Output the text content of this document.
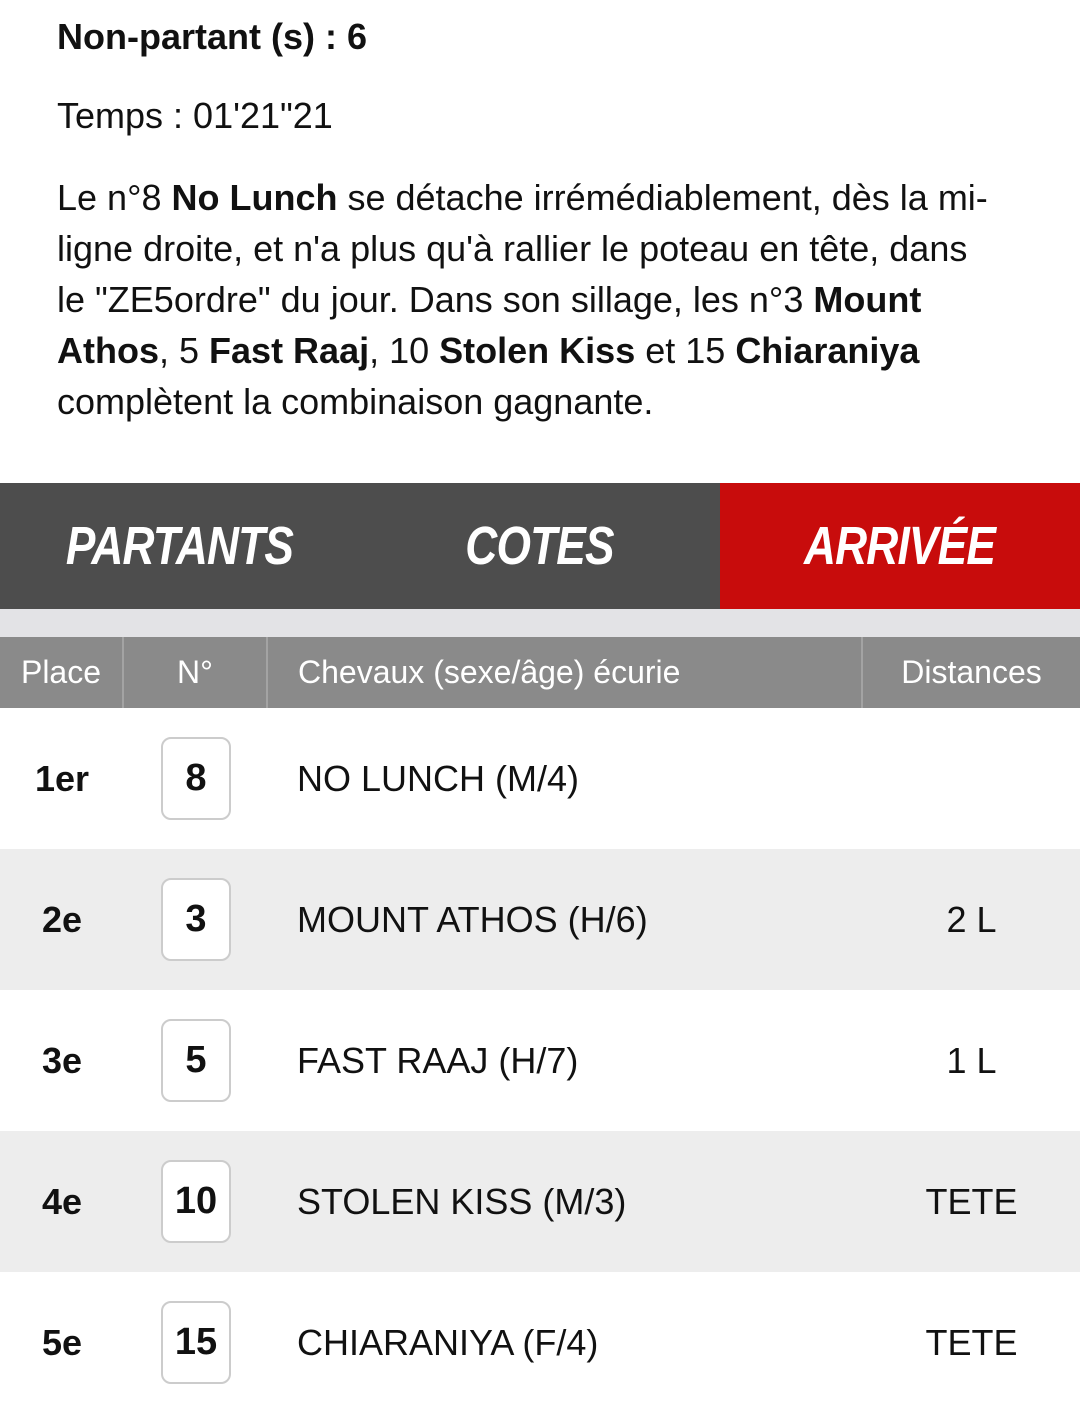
Non-partant (s) : 6
Temps : 01'21"21
Le n°8 No Lunch se détache irrémédiablement, dès la mi-
ligne droite, et n'a plus qu'à rallier le poteau en tête, dans
le "ZE5ordre" du jour. Dans son sillage, les n°3 Mount
Athos, 5 Fast Raaj, 10 Stolen Kiss et 15 Chiaraniya
complètent la combinaison gagnante.
PARTANTS	COTES	ARRIVÉE
Place	N°	Chevaux (sexe/âge) écurie	Distances
1er	8	NO LUNCH (M/4)
2e	3	MOUNT ATHOS (H/6)	2 L
3e	5	FAST RAAJ (H/7)	1 L
4e	10	STOLEN KISS (M/3)	TETE
5e	15	CHIARANIYA (F/4)	TETE
